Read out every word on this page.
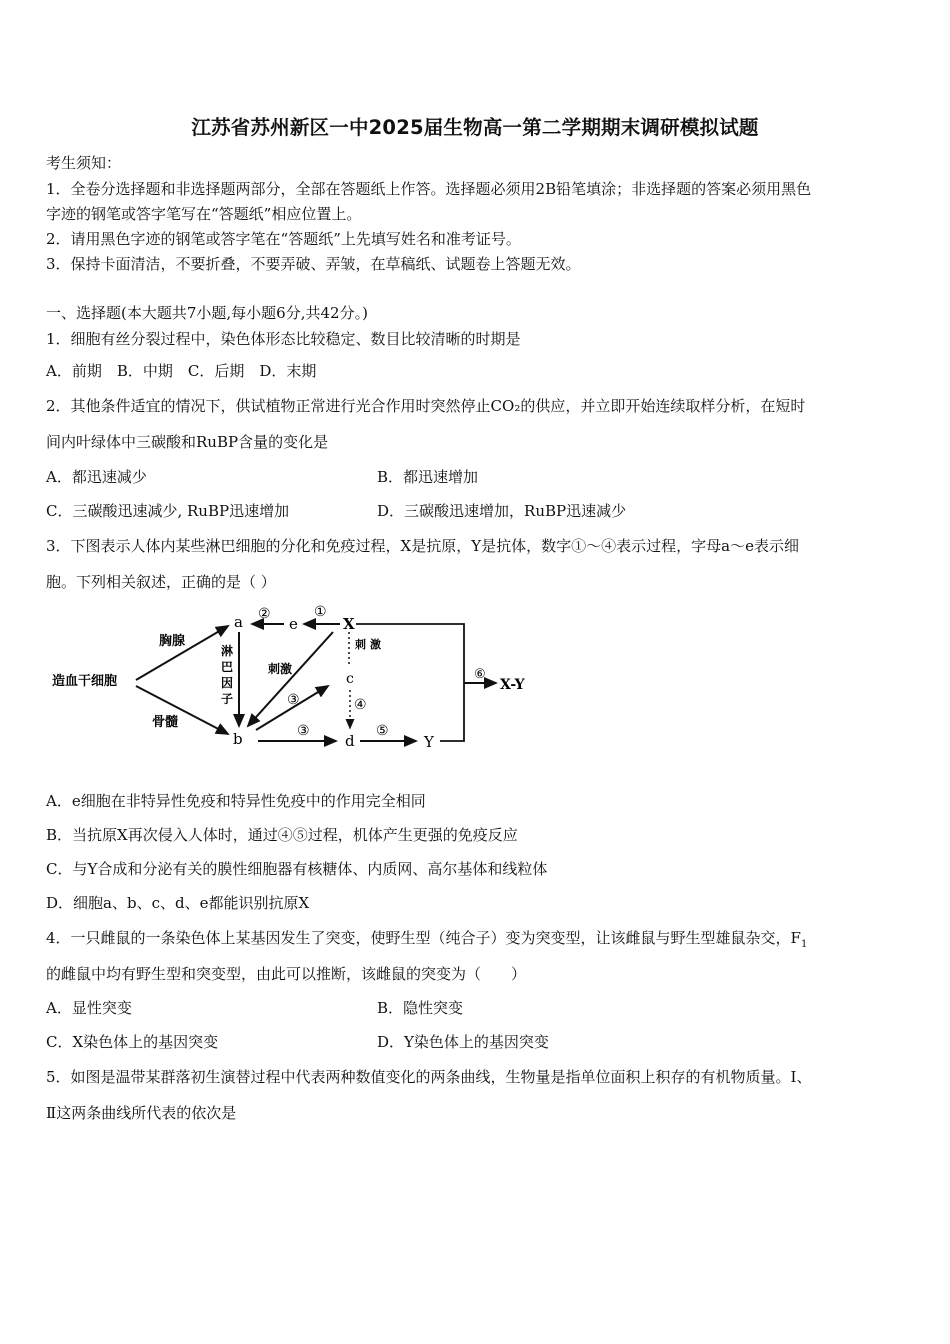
江苏省苏州新区一中2025届生物高一第二学期期末调研模拟试题
考生须知：
1．全卷分选择题和非选择题两部分，全部在答题纸上作答。选择题必须用2B铅笔填涂；非选择题的答案必须用黑色
字迹的钢笔或答字笔写在“答题纸”相应位置上。
2．请用黑色字迹的钢笔或答字笔在“答题纸”上先填写姓名和准考证号。
3．保持卡面清洁，不要折叠，不要弄破、弄皱，在草稿纸、试题卷上答题无效。
一、选择题(本大题共7小题,每小题6分,共42分。)
1．细胞有丝分裂过程中，染色体形态比较稳定、数目比较清晰的时期是
A．前期　B．中期　C．后期　D．末期
2．其他条件适宜的情况下，供试植物正常进行光合作用时突然停止CO₂的供应，并立即开始连续取样分析，在短时
间内叶绿体中三碳酸和RuBP含量的变化是
A．都迅速减少	B．都迅速增加
C．三碳酸迅速减少, RuBP迅速增加	D．三碳酸迅速增加，RuBP迅速减少
3．下图表示人体内某些淋巴细胞的分化和免疫过程，X是抗原，Y是抗体，数字①～④表示过程，字母a～e表示细
胞。下列相关叙述，正确的是（ ）
造血干细胞
胸腺
骨髓
a
b
e	X
c
d	Y
X-Y
淋
巴
因
子
②	①
刺激
③
③
刺 激
④
⑤
⑥
A．e细胞在非特异性免疫和特异性免疫中的作用完全相同
B．当抗原X再次侵入人体时，通过④⑤过程，机体产生更强的免疫反应
C．与Y合成和分泌有关的膜性细胞器有核糖体、内质网、高尔基体和线粒体
D．细胞a、b、c、d、e都能识别抗原X
4．一只雌鼠的一条染色体上某基因发生了突变，使野生型（纯合子）变为突变型，让该雌鼠与野生型雄鼠杂交，$F_1$
的雌鼠中均有野生型和突变型，由此可以推断，该雌鼠的突变为（　　）
A．显性突变	B．隐性突变
C．X染色体上的基因突变	D．Y染色体上的基因突变
5．如图是温带某群落初生演替过程中代表两种数值变化的两条曲线，生物量是指单位面积上积存的有机物质量。Ⅰ、
Ⅱ这两条曲线所代表的依次是
